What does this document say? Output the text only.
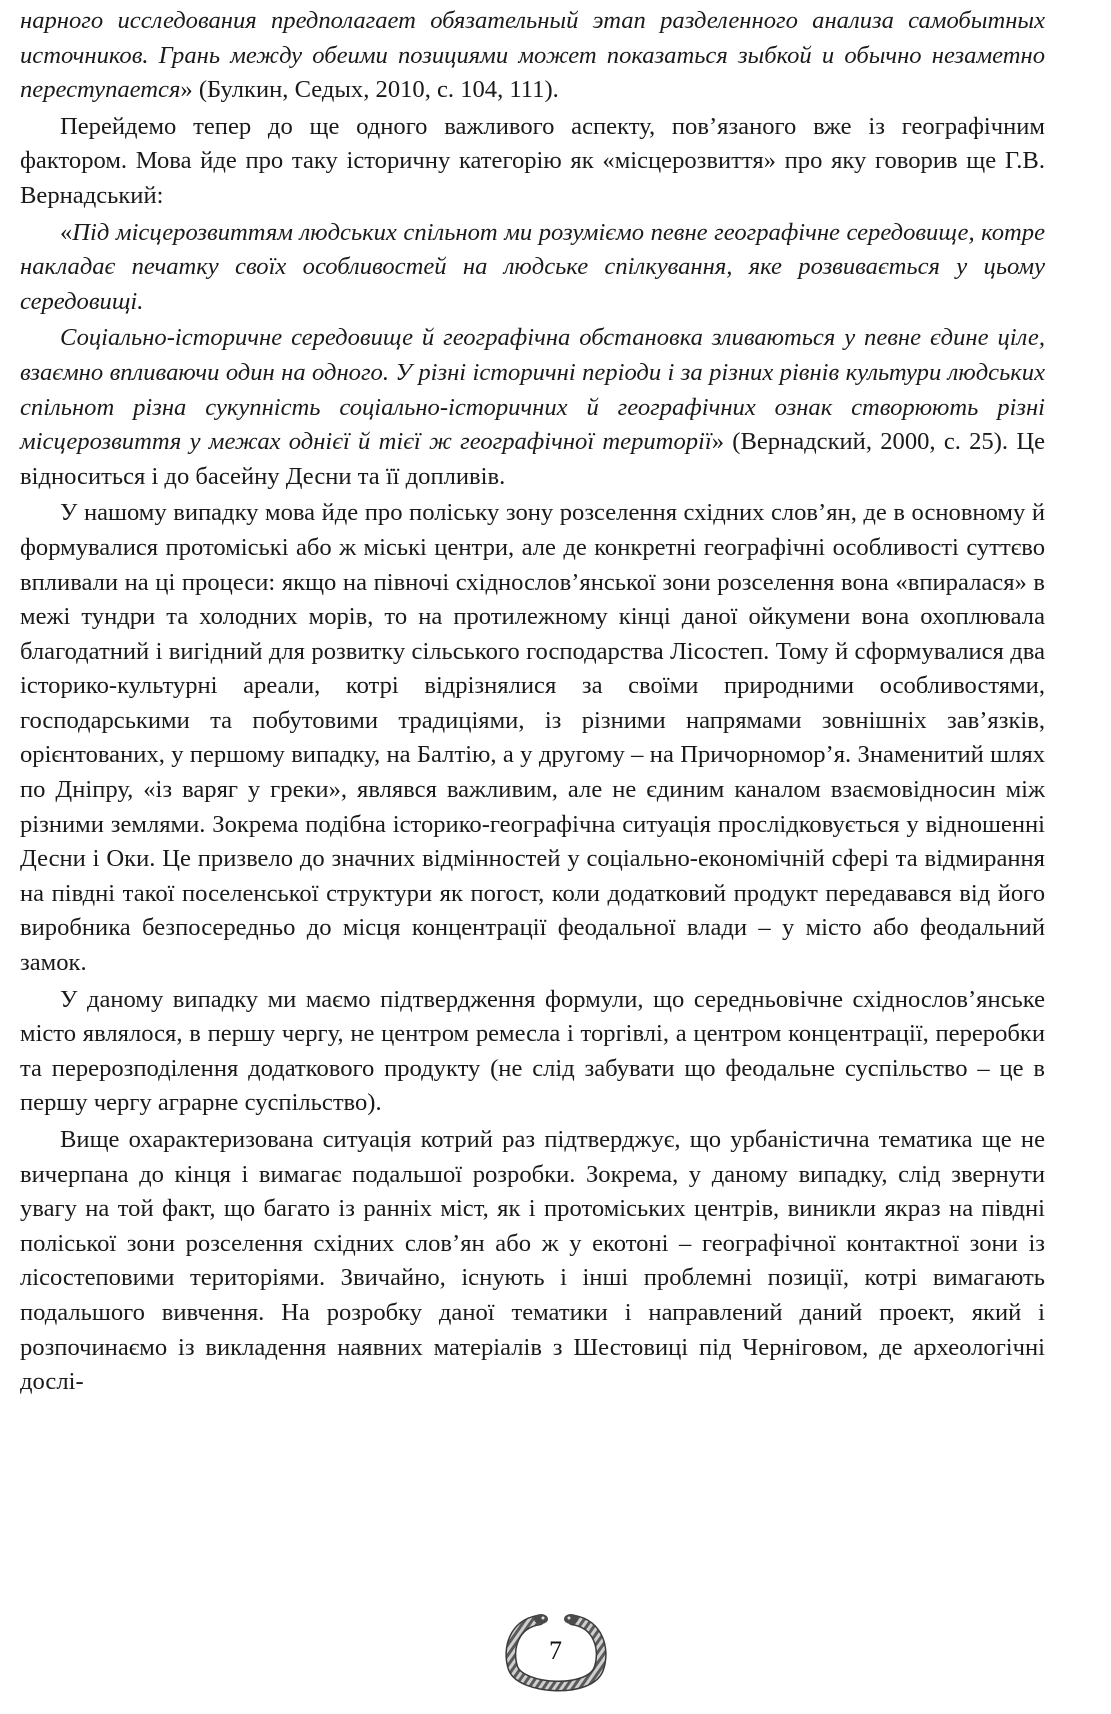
нарного исследования предполагает обязательный этап разделенного анализа самобытных источников. Грань между обеими позициями может показаться зыбкой и обычно незаметно переступается» (Булкин, Седых, 2010, с. 104, 111).

Перейдемо тепер до ще одного важливого аспекту, пов’язаного вже із географічним фактором. Мова йде про таку історичну категорію як «місцерозвиття» про яку говорив ще Г.В. Вернадський:

«Під місцерозвиттям людських спільнот ми розуміємо певне географічне середовище, котре накладає печатку своїх особливостей на людське спілкування, яке розвивається у цьому середовищі.

Соціально-історичне середовище й географічна обстановка зливаються у певне єдине ціле, взаємно впливаючи один на одного. У різні історичні періоди і за різних рівнів культури людських спільнот різна сукупність соціально-історичних й географічних ознак створюють різні місцерозвиття у межах однієї й тієї ж географічної території» (Вернадский, 2000, с. 25). Це відноситься і до басейну Десни та її допливів.

У нашому випадку мова йде про поліську зону розселення східних слов’ян, де в основному й формувалися протоміські або ж міські центри, але де конкретні географічні особливості суттєво впливали на ці процеси: якщо на півночі східнослов’янської зони розселення вона «впиралася» в межі тундри та холодних морів, то на протилежному кінці даної ойкумени вона охоплювала благодатний і вигідний для розвитку сільського господарства Лісостеп. Тому й сформувалися два історико-культурні ареали, котрі відрізнялися за своїми природними особливостями, господарськими та побутовими традиціями, із різними напрямами зовнішніх зав’язків, орієнтованих, у першому випадку, на Балтію, а у другому – на Причорномор’я. Знаменитий шлях по Дніпру, «із варяг у греки», являвся важливим, але не єдиним каналом взаємовідносин між різними землями. Зокрема подібна історико-географічна ситуація прослідковується у відношенні Десни і Оки. Це призвело до значних відмінностей у соціально-економічній сфері та відмирання на півдні такої поселенської структури як погост, коли додатковий продукт передавався від його виробника безпосередньо до місця концентрації феодальної влади – у місто або феодальний замок.

У даному випадку ми маємо підтвердження формули, що середньовічне східнослов’янське місто являлося, в першу чергу, не центром ремесла і торгівлі, а центром концентрації, переробки та перерозподілення додаткового продукту (не слід забувати що феодальне суспільство – це в першу чергу аграрне суспільство).

Вище охарактеризована ситуація котрий раз підтверджує, що урбаністична тематика ще не вичерпана до кінця і вимагає подальшої розробки. Зокрема, у даному випадку, слід звернути увагу на той факт, що багато із ранніх міст, як і протоміських центрів, виникли якраз на півдні поліської зони розселення східних слов’ян або ж у екотоні – географічної контактної зони із лісостеповими територіями. Звичайно, існують і інші проблемні позиції, котрі вимагають подальшого вивчення. На розробку даної тематики і направлений даний проект, який і розпочинаємо із викладення наявних матеріалів з Шестовиці під Черніговом, де археологічні дослі-

7
